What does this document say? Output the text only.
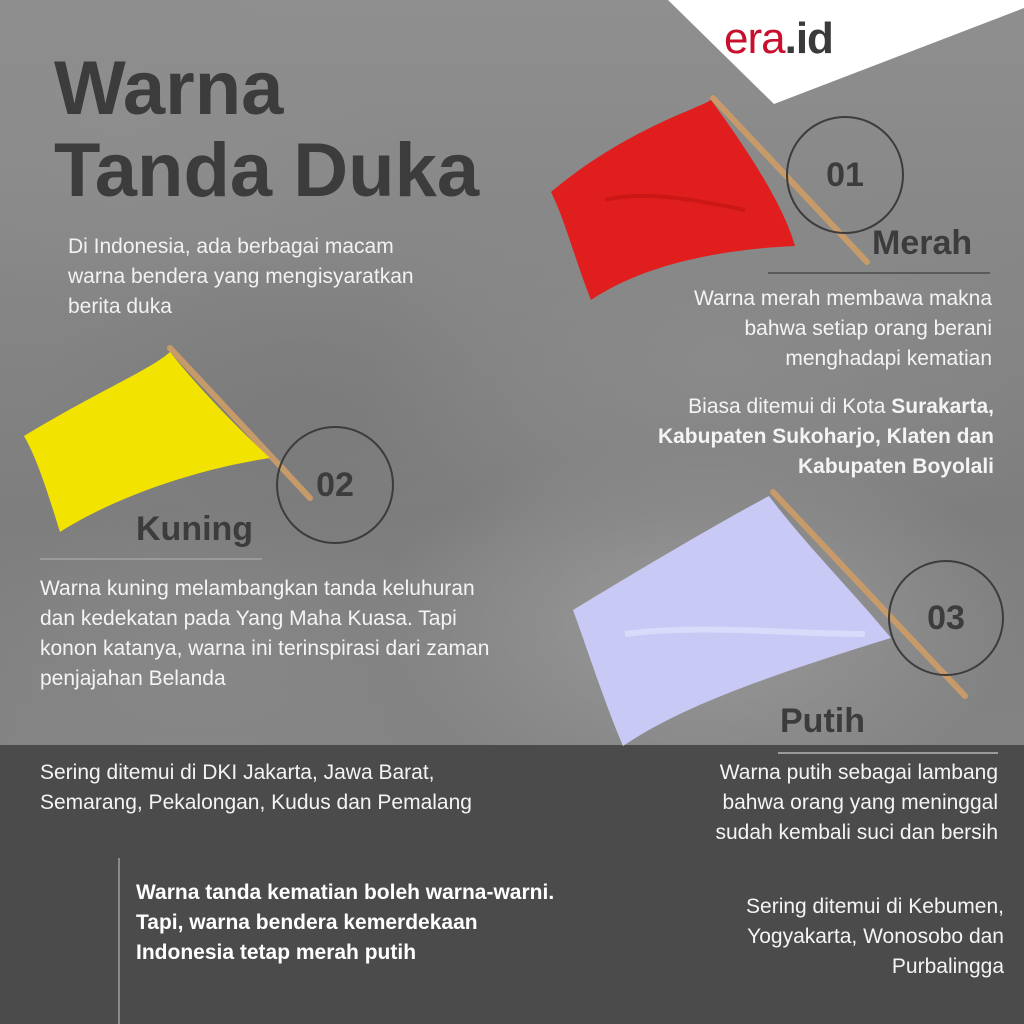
era.id
Warna
Tanda Duka
Di Indonesia, ada berbagai macam warna bendera yang mengisyaratkan berita duka
01
Merah
Warna merah membawa makna bahwa setiap orang berani menghadapi kematian
Biasa ditemui di Kota Surakarta, Kabupaten Sukoharjo, Klaten dan Kabupaten Boyolali
02
Kuning
Warna kuning melambangkan tanda keluhuran dan kedekatan pada Yang Maha Kuasa. Tapi konon katanya, warna ini terinspirasi dari zaman penjajahan Belanda
Sering ditemui di DKI Jakarta, Jawa Barat, Semarang, Pekalongan, Kudus dan Pemalang
03
Putih
Warna putih sebagai lambang bahwa orang yang meninggal sudah kembali suci dan bersih
Sering ditemui di Kebumen, Yogyakarta, Wonosobo dan Purbalingga
Warna tanda kematian boleh warna-warni. Tapi, warna bendera kemerdekaan Indonesia tetap merah putih
